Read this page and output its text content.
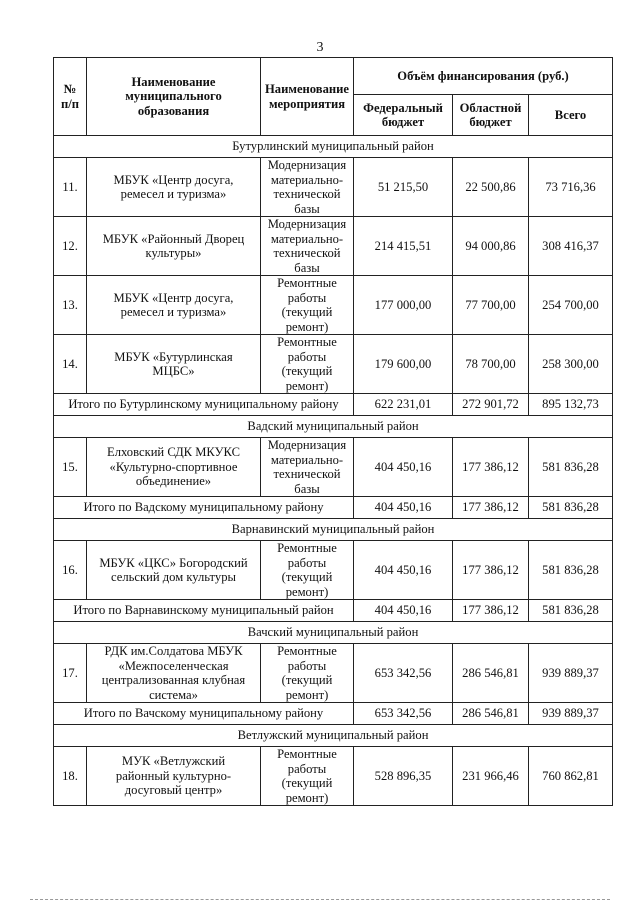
3
№
п/п	Наименование
муниципального
образования	Наименование
мероприятия	Объём финансирования (руб.)		
			Федеральный
бюджет	Областной
бюджет	Всего
Бутурлинский муниципальный район					
11.	МБУК «Центр досуга,
ремесел и туризма»	Модернизация
материально-
технической
базы	51 215,50	22 500,86	73 716,36
12.	МБУК «Районный Дворец
культуры»	Модернизация
материально-
технической
базы	214 415,51	94 000,86	308 416,37
13.	МБУК «Центр досуга,
ремесел и туризма»	Ремонтные
работы
(текущий
ремонт)	177 000,00	77 700,00	254 700,00
14.	МБУК «Бутурлинская
МЦБС»	Ремонтные
работы
(текущий
ремонт)	179 600,00	78 700,00	258 300,00
Итого по Бутурлинскому муниципальному району			622 231,01	272 901,72	895 132,73
Вадский муниципальный район					
15.	Елховский СДК МКУКС
«Культурно-спортивное
объединение»	Модернизация
материально-
технической
базы	404 450,16	177 386,12	581 836,28
Итого по Вадскому муниципальному району			404 450,16	177 386,12	581 836,28
Варнавинский муниципальный район					
16.	МБУК «ЦКС» Богородский
сельский дом культуры	Ремонтные
работы
(текущий
ремонт)	404 450,16	177 386,12	581 836,28
Итого по Варнавинскому муниципальный район			404 450,16	177 386,12	581 836,28
Вачский муниципальный район					
17.	РДК им.Солдатова МБУК
«Межпоселенческая
централизованная клубная
система»	Ремонтные
работы
(текущий
ремонт)	653 342,56	286 546,81	939 889,37
Итого по Вачскому муниципальному району			653 342,56	286 546,81	939 889,37
Ветлужский муниципальный район					
18.	МУК «Ветлужский
районный культурно-
досуговый центр»	Ремонтные
работы
(текущий
ремонт)	528 896,35	231 966,46	760 862,81
